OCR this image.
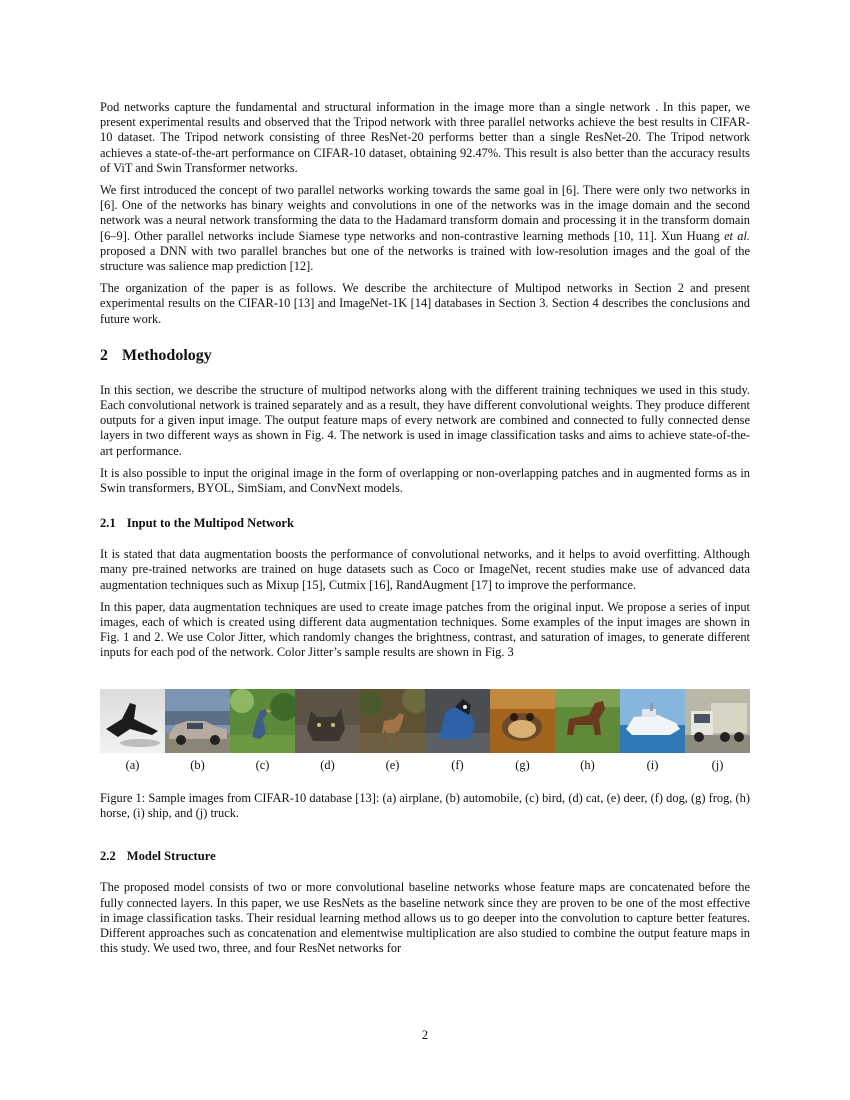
Pod networks capture the fundamental and structural information in the image more than a single network . In this paper, we present experimental results and observed that the Tripod network with three parallel networks achieve the best results in CIFAR-10 dataset. The Tripod network consisting of three ResNet-20 performs better than a single ResNet-20. The Tripod network achieves a state-of-the-art performance on CIFAR-10 dataset, obtaining 92.47%. This result is also better than the accuracy results of ViT and Swin Transformer networks.

We first introduced the concept of two parallel networks working towards the same goal in [6]. There were only two networks in [6]. One of the networks has binary weights and convolutions in one of the networks was in the image domain and the second network was a neural network transforming the data to the Hadamard transform domain and processing it in the transform domain [6–9]. Other parallel networks include Siamese type networks and non-contrastive learning methods [10, 11]. Xun Huang et al. proposed a DNN with two parallel branches but one of the networks is trained with low-resolution images and the goal of the structure was salience map prediction [12].

The organization of the paper is as follows. We describe the architecture of Multipod networks in Section 2 and present experimental results on the CIFAR-10 [13] and ImageNet-1K [14] databases in Section 3. Section 4 describes the conclusions and future work.

2 Methodology

In this section, we describe the structure of multipod networks along with the different training techniques we used in this study. Each convolutional network is trained separately and as a result, they have different convolutional weights. They produce different outputs for a given input image. The output feature maps of every network are combined and connected to fully connected dense layers in two different ways as shown in Fig. 4. The network is used in image classification tasks and aims to achieve state-of-the-art performance.

It is also possible to input the original image in the form of overlapping or non-overlapping patches and in augmented forms as in Swin transformers, BYOL, SimSiam, and ConvNext models.

2.1 Input to the Multipod Network

It is stated that data augmentation boosts the performance of convolutional networks, and it helps to avoid overfitting. Although many pre-trained networks are trained on huge datasets such as Coco or ImageNet, recent studies make use of advanced data augmentation techniques such as Mixup [15], Cutmix [16], RandAugment [17] to improve the performance.

In this paper, data augmentation techniques are used to create image patches from the original input. We propose a series of input images, each of which is created using different data augmentation techniques. Some examples of the input images are shown in Fig. 1 and 2. We use Color Jitter, which randomly changes the brightness, contrast, and saturation of images, to generate different inputs for each pod of the network. Color Jitter’s sample results are shown in Fig. 3

(a)	(b)	(c)	(d)	(e)	(f)	(g)	(h)	(i)	(j)

Figure 1: Sample images from CIFAR-10 database [13]: (a) airplane, (b) automobile, (c) bird, (d) cat, (e) deer, (f) dog, (g) frog, (h) horse, (i) ship, and (j) truck.

2.2 Model Structure

The proposed model consists of two or more convolutional baseline networks whose feature maps are concatenated before the fully connected layers. In this paper, we use ResNets as the baseline network since they are proven to be one of the most effective in image classification tasks. Their residual learning method allows us to go deeper into the convolution to capture better features. Different approaches such as concatenation and elementwise multiplication are also studied to combine the output feature maps in this study. We used two, three, and four ResNet networks for

2
